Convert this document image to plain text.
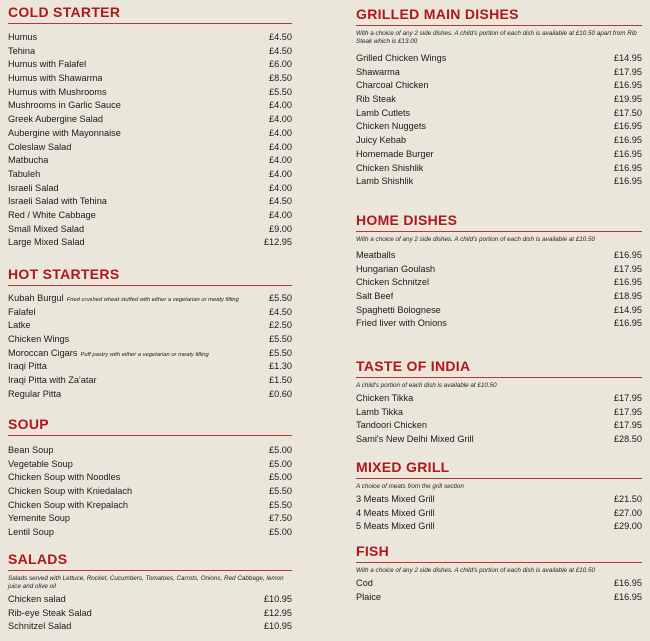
COLD STARTER
Humus	£4.50
Tehina	£4.50
Humus with Falafel	£6.00
Humus with Shawarma	£8.50
Humus with Mushrooms	£5.50
Mushrooms in Garlic Sauce	£4.00
Greek Aubergine Salad	£4.00
Aubergine with Mayonnaise	£4.00
Coleslaw Salad	£4.00
Matbucha	£4.00
Tabuleh	£4.00
Israeli Salad	£4.00
Israeli Salad with Tehina	£4.50
Red / White Cabbage	£4.00
Small Mixed Salad	£9.00
Large Mixed Salad	£12.95
HOT STARTERS
Kubah Burgul Fried crushed wheat stuffed with either a vegetarian or meaty filling	£5.50
Falafel	£4.50
Latke	£2.50
Chicken Wings	£5.50
Moroccan Cigars Puff pastry with either a vegetarian or meaty filling	£5.50
Iraqi Pitta	£1.30
Iraqi Pitta with Za'atar	£1.50
Regular Pitta	£0.60
SOUP
Bean Soup	£5.00
Vegetable Soup	£5.00
Chicken Soup with Noodles	£5.00
Chicken Soup with Kniedalach	£5.50
Chicken Soup with Krepalach	£5.50
Yemenite Soup	£7.50
Lentil Soup	£5.00
SALADS
Salads served with Lettuce, Rocket, Cucumbers, Tomatoes, Carrots, Onions, Red Cabbage, lemon juice and olive oil
Chicken salad	£10.95
Rib-eye Steak Salad	£12.95
Schnitzel Salad	£10.95
GRILLED MAIN DISHES
With a choice of any 2 side dishes. A child's portion of each dish is available at £10.50 apart from Rib Steak which is £13.00
Grilled Chicken Wings	£14.95
Shawarma	£17.95
Charcoal Chicken	£16.95
Rib Steak	£19.95
Lamb Cutlets	£17.50
Chicken Nuggets	£16.95
Juicy Kebab	£16.95
Homemade Burger	£16.95
Chicken Shishlik	£16.95
Lamb Shishlik	£16.95
HOME DISHES
With a choice of any 2 side dishes. A child's portion of each dish is available at £10.50
Meatballs	£16.95
Hungarian Goulash	£17.95
Chicken Schnitzel	£16.95
Salt Beef	£18.95
Spaghetti Bolognese	£14.95
Fried liver with Onions	£16.95
TASTE OF INDIA
A child's portion of each dish is available at £10.50
Chicken Tikka	£17.95
Lamb Tikka	£17.95
Tandoori Chicken	£17.95
Sami's New Delhi Mixed Grill	£28.50
MIXED GRILL
A choice of meats from the grill section
3 Meats Mixed Grill	£21.50
4 Meats Mixed Grill	£27.00
5 Meats Mixed Grill	£29.00
FISH
With a choice of any 2 side dishes. A child's portion of each dish is available at £10.50
Cod	£16.95
Plaice	£16.95
